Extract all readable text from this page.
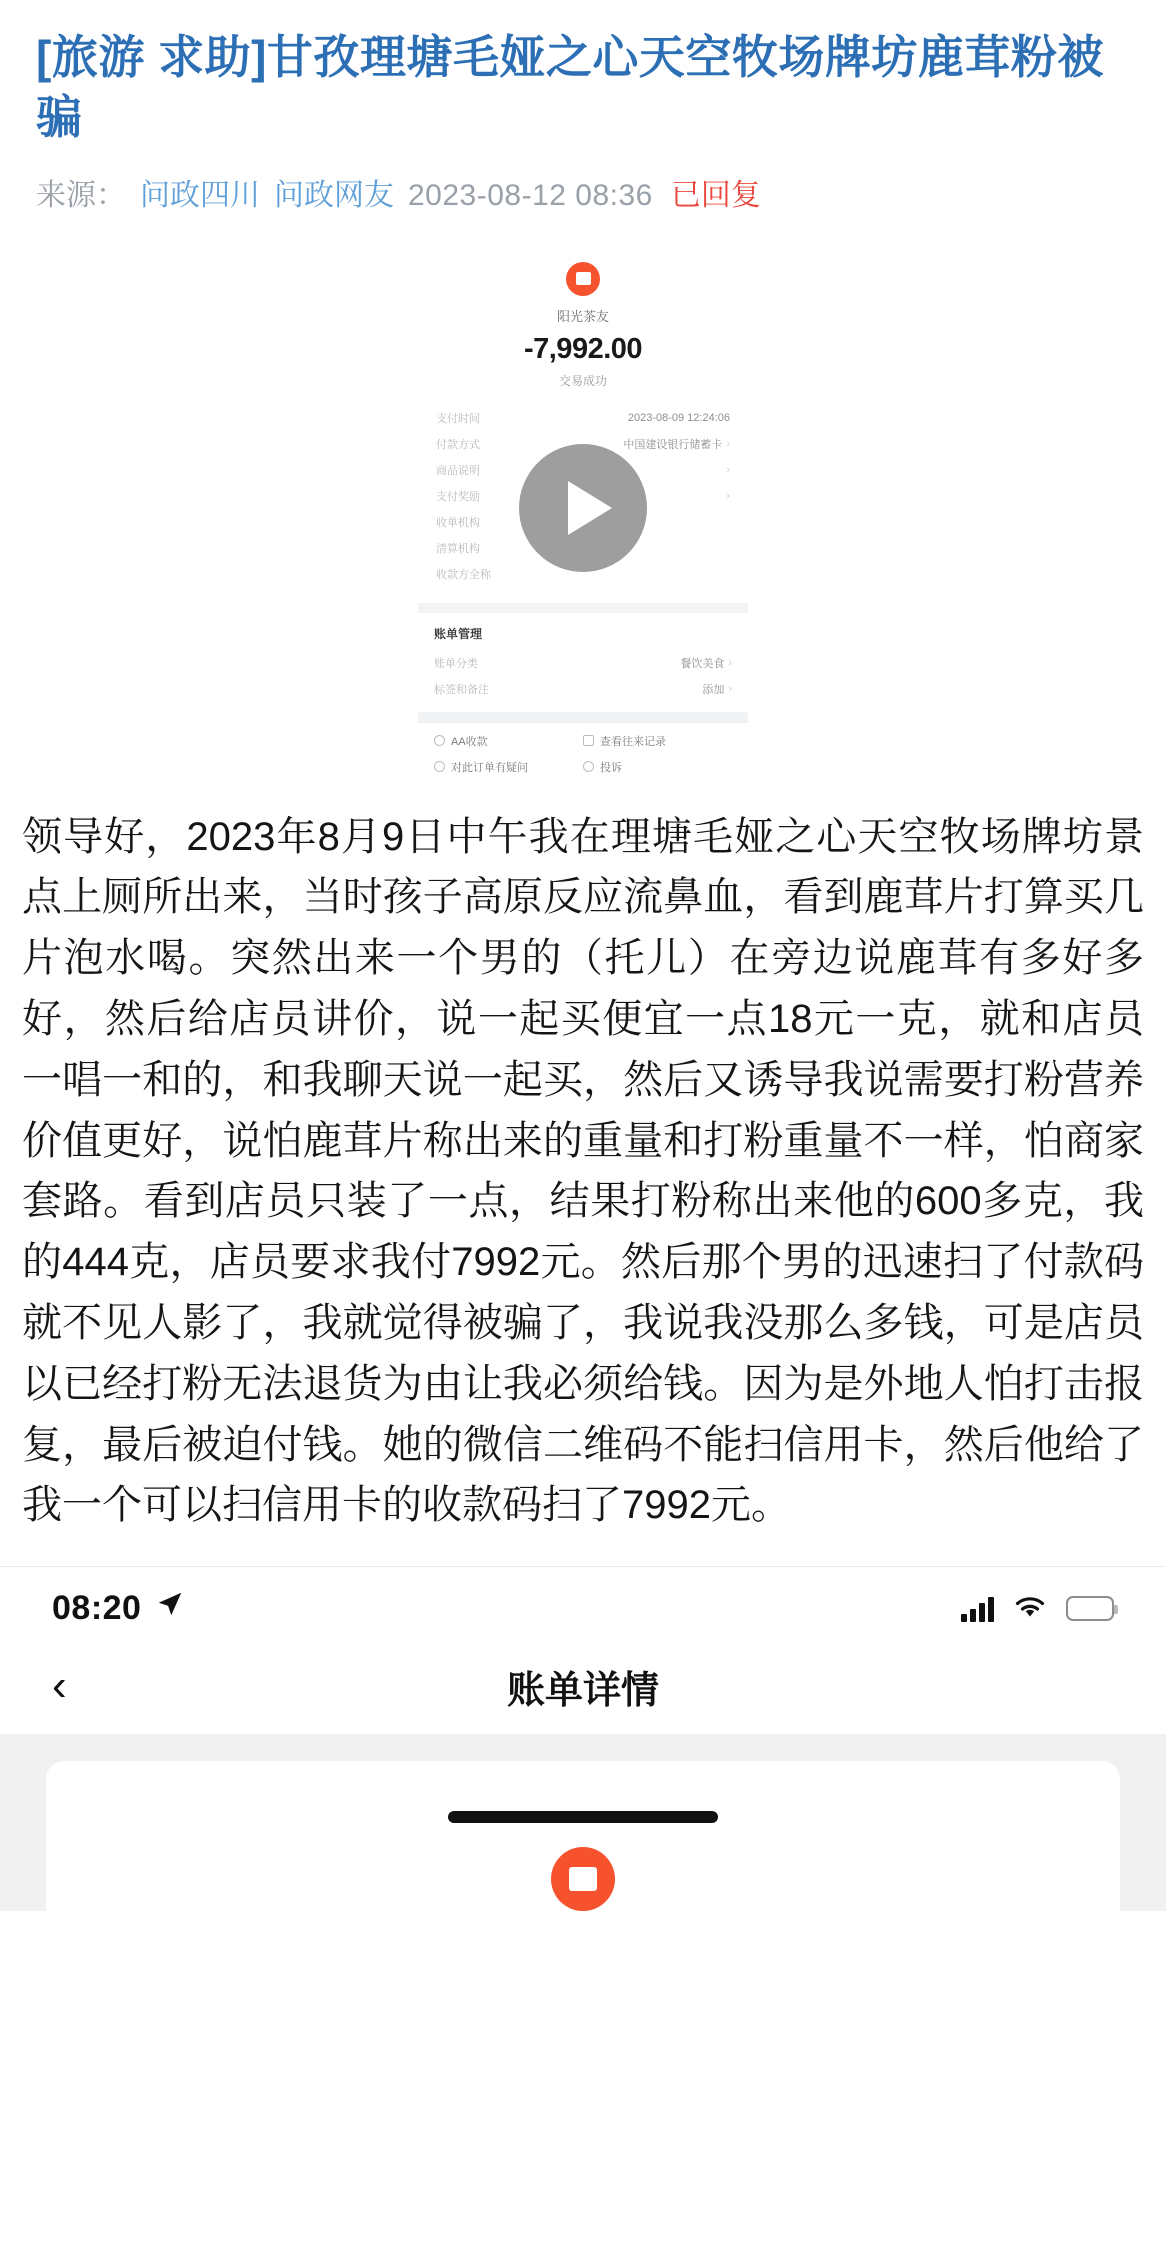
[旅游 求助]甘孜理塘毛娅之心天空牧场牌坊鹿茸粉被骗
来源： 问政四川 问政网友 2023-08-12 08:36 已回复
阳光茶友
-7,992.00
交易成功
支付时间	2023-08-09 12:24:06
付款方式	中国建设银行储蓄卡 ›
商品说明	›
支付奖励	›
收单机构
清算机构
收款方全称
账单管理
账单分类	餐饮美食 ›
标签和备注	添加 ›
AA收款	查看往来记录
对此订单有疑问	投诉
领导好，2023年8月9日中午我在理塘毛娅之心天空牧场牌坊景点上厕所出来，当时孩子高原反应流鼻血，看到鹿茸片打算买几片泡水喝。突然出来一个男的（托儿）在旁边说鹿茸有多好多好，然后给店员讲价，说一起买便宜一点18元一克，就和店员一唱一和的，和我聊天说一起买，然后又诱导我说需要打粉营养价值更好，说怕鹿茸片称出来的重量和打粉重量不一样，怕商家套路。看到店员只装了一点，结果打粉称出来他的600多克，我的444克，店员要求我付7992元。然后那个男的迅速扫了付款码就不见人影了，我就觉得被骗了，我说我没那么多钱，可是店员以已经打粉无法退货为由让我必须给钱。因为是外地人怕打击报复，最后被迫付钱。她的微信二维码不能扫信用卡，然后他给了我一个可以扫信用卡的收款码扫了7992元。
08:20
‹	账单详情
